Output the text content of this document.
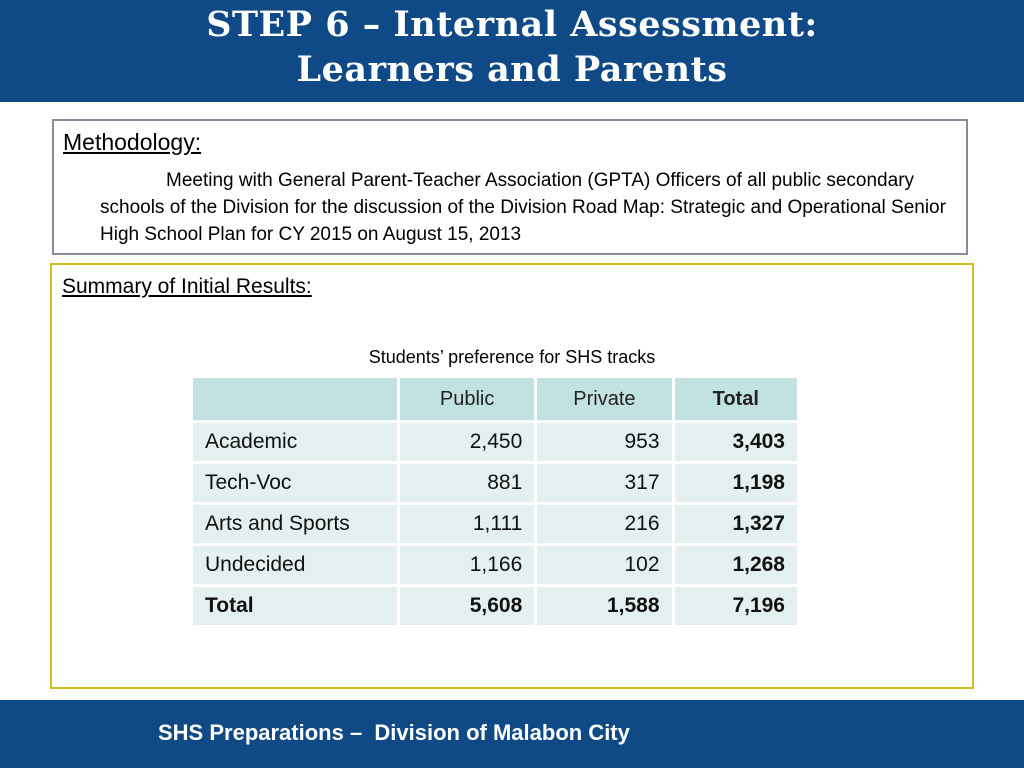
STEP 6 – Internal Assessment:
Learners and Parents
Methodology:
Meeting with General Parent-Teacher Association (GPTA) Officers of all public secondary schools of the Division for the discussion of the Division Road Map: Strategic and Operational Senior High School Plan for CY 2015 on August 15, 2013
Summary of Initial Results:
Students’ preference for SHS tracks
	Public	Private	Total
Academic	2,450	953	3,403
Tech-Voc	881	317	1,198
Arts and Sports	1,111	216	1,327
Undecided	1,166	102	1,268
Total	5,608	1,588	7,196
SHS Preparations –  Division of Malabon City
